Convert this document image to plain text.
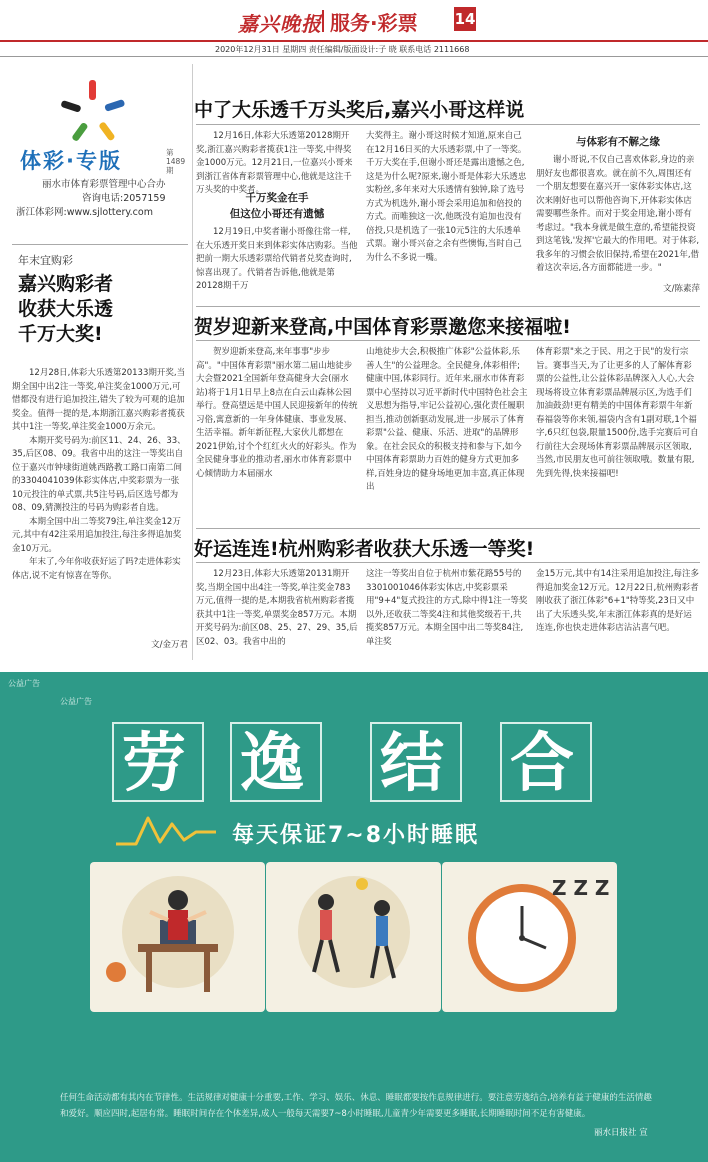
嘉兴晚报 服务·彩票 14
2020年12月31日 星期四 责任编辑/版面设计:子 晓 联系电话 2111668
体彩·专版	第1489期
丽水市体育彩票管理中心合办
咨询电话:2057159
浙江体彩网:www.sjlottery.com
年末宜购彩
嘉兴购彩者
收获大乐透
千万大奖!
12月28日,体彩大乐透第20133期开奖,当期全国中出2注一等奖,单注奖金1000万元,可惜都没有进行追加投注,错失了较为可观的追加奖金。值得一提的是,本期浙江嘉兴购彩者揽获其中1注一等奖,单注奖金1000万余元。
本期开奖号码为:前区11、24、26、33、35,后区08、09。我省中出的这注一等奖出自位于嘉兴市钟埭街道姚西路教工路口南第二间的3304041039体彩实体店,中奖彩票为一张10元投注的单式票,共5注号码,后区选号都为08、09,猜测投注的号码为购彩者自选。
本期全国中出二等奖79注,单注奖金12万元,其中有42注采用追加投注,每注多得追加奖金10万元。
年末了,今年你收获好运了吗?走进体彩实体店,说不定有惊喜在等你。
文/金万君
中了大乐透千万头奖后,嘉兴小哥这样说
12月16日,体彩大乐透第20128期开奖,浙江嘉兴购彩者揽获1注一等奖,中得奖金1000万元。12月21日,一位嘉兴小哥来到浙江省体育彩票管理中心,他就是这注千万头奖的中奖者。
千万奖金在手
但这位小哥还有遗憾
12月19日,中奖者谢小哥像往常一样,在大乐透开奖日来到体彩实体店购彩。当他把前一期大乐透彩票给代销者兑奖查询时,惊喜出现了。代销者告诉他,他就是第20128期千万
大奖得主。谢小哥这时候才知道,原来自己在12月16日买的大乐透彩票,中了一等奖。千万大奖在手,但谢小哥还是露出遗憾之色,这是为什么呢?原来,谢小哥是体彩大乐透忠实粉丝,多年来对大乐透情有独钟,除了选号方式为机选外,谢小哥会采用追加和倍投的方式。而唯独这一次,他既没有追加也没有倍投,只是机选了一张10元5注的大乐透单式票。谢小哥兴奋之余有些懊悔,当时自己为什么不多说一嘴。
与体彩有不解之缘
谢小哥说,不仅自己喜欢体彩,身边的亲朋好友也都很喜欢。就在前不久,周围还有一个朋友想要在嘉兴开一家体彩实体店,这次来刚好也可以帮他咨询下,开体彩实体店需要哪些条件。而对于奖金用途,谢小哥有考虑过。"我本身就是做生意的,希望能投资到这笔钱,'发挥'它最大的作用吧。对于体彩,我多年的习惯会依旧保持,希望在2021年,借着这次幸运,各方面都能进一步。"
文/陈素萍
贺岁迎新来登高,中国体育彩票邀您来接福啦!
贺岁迎新来登高,来年事事"步步高"。"中国体育彩票"丽水第二届山地徒步大会暨2021全国新年登高健身大会(丽水站)将于1月1日早上8点在白云山森林公园举行。登高望远是中国人民迎接新年的传统习俗,寓意新的一年身体健康、事业发展、生活幸福。新年新征程,大家伙儿都想在2021伊始,讨个个红红火火的好彩头。作为全民健身事业的推动者,丽水市体育彩票中心倾情助力本届丽水
山地徒步大会,积极推广体彩"公益体彩,乐善人生"的公益理念。全民健身,体彩相伴;健康中国,体彩同行。近年来,丽水市体育彩票中心坚持以习近平新时代中国特色社会主义思想为指导,牢记公益初心,强化责任履职担当,推动创新驱动发展,进一步展示了体育彩票"公益、健康、乐活、进取"的品牌形象。在社会民众的积极支持和参与下,如今中国体育彩票助力百姓的健身方式更加多样,百姓身边的健身场地更加丰富,真正体现出
体育彩票"来之于民、用之于民"的发行宗旨。赛事当天,为了让更多的人了解体育彩票的公益性,让公益体彩品牌深入人心,大会现场将设立体育彩票品牌展示区,为选手们加油鼓劲!更有精美的中国体育彩票牛年新春福袋等你来领,福袋内含有1副对联,1个福字,6只红包袋,限量1500份,选手完赛后可自行前往大会现场体育彩票品牌展示区领取,当然,市民朋友也可前往领取哦。数量有限,先到先得,快来接福吧!
好运连连!杭州购彩者收获大乐透一等奖!
12月23日,体彩大乐透第20131期开奖,当期全国中出4注一等奖,单注奖金783万元,值得一提的是,本期我省杭州购彩者揽获其中1注一等奖,单票奖金857万元。本期开奖号码为:前区08、25、27、29、35,后区02、03。我省中出的
这注一等奖出自位于杭州市紫花路55号的3301001046体彩实体店,中奖彩票采用"9+4"复式投注的方式,除中得1注一等奖以外,还收获二等奖4注和其他奖级若干,共揽奖857万元。本期全国中出二等奖84注,单注奖
金15万元,其中有14注采用追加投注,每注多得追加奖金12万元。12月22日,杭州购彩者刚收获了浙江体彩"6+1"特等奖,23日又中出了大乐透头奖,年末浙江体彩真的是好运连连,你也快走进体彩店沾沾喜气吧。
公益广告
公益广告
劳 逸 结 合
每天保证7~8小时睡眠
Z Z Z
任何生命活动都有其内在节律性。生活规律对健康十分重要,工作、学习、娱乐、休息、睡眠都要按作息规律进行。要注意劳逸结合,培养有益于健康的生活情趣和爱好。顺应四时,起居有常。睡眠时间存在个体差异,成人一般每天需要7~8小时睡眠,儿童青少年需要更多睡眠,长期睡眠时间不足有害健康。
丽水日报社 宣
